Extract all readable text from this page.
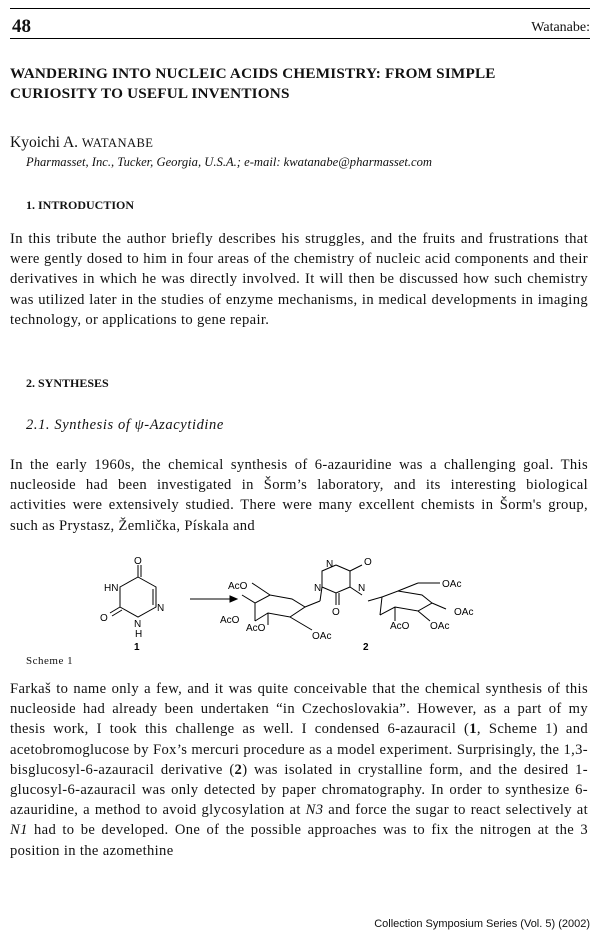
48	Watanabe:
WANDERING INTO NUCLEIC ACIDS CHEMISTRY: FROM SIMPLE CURIOSITY TO USEFUL INVENTIONS
Kyoichi A. WATANABE
Pharmasset, Inc., Tucker, Georgia, U.S.A.; e-mail: kwatanabe@pharmasset.com
1. INTRODUCTION
In this tribute the author briefly describes his struggles, and the fruits and frustrations that were gently dosed to him in four areas of the chemistry of nucleic acid components and their derivatives in which he was directly involved. It will then be discussed how such chemistry was utilized later in the studies of enzyme mechanisms, in medical developments in imaging technology, or applications to gene repair.
2. SYNTHESES
2.1. Synthesis of ψ-Azacytidine
In the early 1960s, the chemical synthesis of 6-azauridine was a challenging goal. This nucleoside had been investigated in Šorm’s laboratory, and its interesting biological activities were extensively studied. There were many excellent chemists in Šorm's group, such as Prystasz, Žemlička, Pískala and
O
HN
O
N
N
H
1
AcO
AcO
AcO
OAc
N
N	N
O
O
OAc
AcO OAc
OAc
2
Scheme 1
Farkaš to name only a few, and it was quite conceivable that the chemical synthesis of this nucleoside had already been undertaken “in Czechoslovakia”. However, as a part of my thesis work, I took this challenge as well. I condensed 6-azauracil (1, Scheme 1) and acetobromoglucose by Fox’s mercuri procedure as a model experiment. Surprisingly, the 1,3-bisglucosyl-6-azauracil derivative (2) was isolated in crystalline form, and the desired 1-glucosyl-6-azauracil was only detected by paper chromatography. In order to synthesize 6-azauridine, a method to avoid glycosylation at N3 and force the sugar to react selectively at N1 had to be developed. One of the possible approaches was to fix the nitrogen at the 3 position in the azomethine
Collection Symposium Series (Vol. 5) (2002)
